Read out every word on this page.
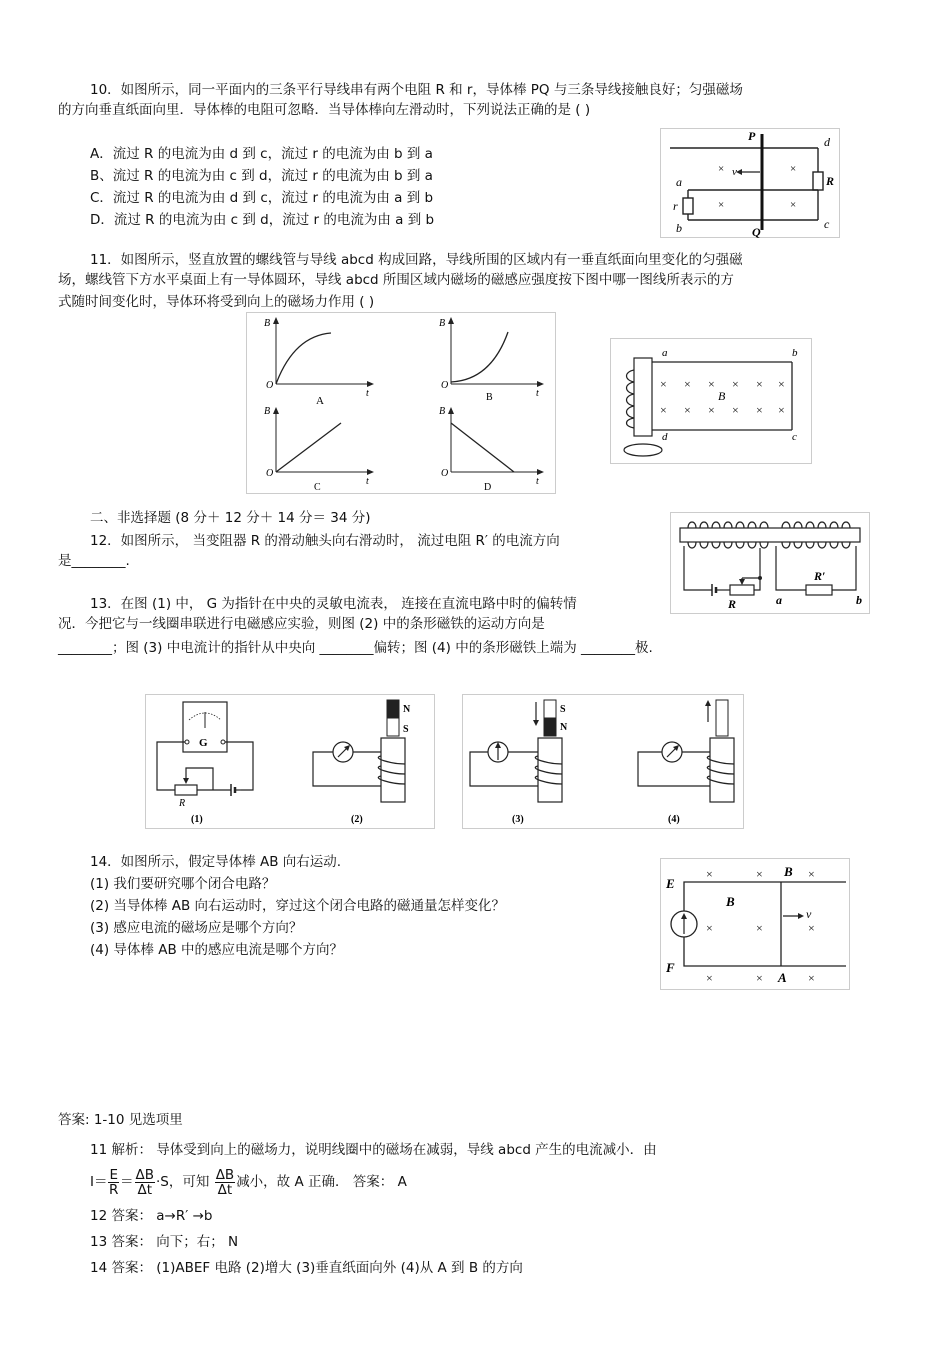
10．如图所示，同一平面内的三条平行导线串有两个电阻 R 和 r，导体棒 PQ 与三条导线接触良好；匀强磁场
的方向垂直纸面向里．导体棒的电阻可忽略．当导体棒向左滑动时，下列说法正确的是 ( )
A．流过 R 的电流为由 d 到 c，流过 r 的电流为由 b 到 a
B、流过 R 的电流为由 c 到 d，流过 r 的电流为由 b 到 a
C．流过 R 的电流为由 d 到 c，流过 r 的电流为由 a 到 b
D．流过 R 的电流为由 c 到 d，流过 r 的电流为由 a 到 b
v
×	×
×	×
P
Q
d
c
R
a
b
r
11．如图所示，竖直放置的螺线管与导线 abcd 构成回路，导线所围的区域内有一垂直纸面向里变化的匀强磁
场，螺线管下方水平桌面上有一导体圆环，导线 abcd 所围区域内磁场的磁感应强度按下图中哪一图线所表示的方
式随时间变化时，导体环将受到向上的磁场力作用 ( )
B
O
t
A
B
O
t
B
B
O
t
C
B
O
t
D
a	b
d	c
B
× × × × × ×
× × × × × ×
二、非选择题 (8 分＋ 12 分＋ 14 分＝ 34 分)
12．如图所示， 当变阻器 R 的滑动触头向右滑动时， 流过电阻 R′ 的电流方向
是________.
R
R′
a	b
13．在图 (1) 中， G 为指针在中央的灵敏电流表， 连接在直流电路中时的偏转情
况．今把它与一线圈串联进行电磁感应实验，则图 (2) 中的条形磁铁的运动方向是
________；图 (3) 中电流计的指针从中央向 ________偏转；图 (4) 中的条形磁铁上端为 ________极.
G
R
(1)
N
S
(2)
S
N
(3)	(4)
14．如图所示，假定导体棒 AB 向右运动.
(1) 我们要研究哪个闭合电路？
(2) 当导体棒 AB 向右运动时，穿过这个闭合电路的磁通量怎样变化？
(3) 感应电流的磁场应是哪个方向？
(4) 导体棒 AB 中的感应电流是哪个方向？
v
E
F
B
A
B
×	×	×
×	×	×
×	×	×
答案: 1-10 见选项里
11 解析： 导体受到向上的磁场力，说明线圈中的磁场在减弱，导线 abcd 产生的电流减小．由
$I= \frac{E}{R} = \frac{\Delta B}{\Delta t} \cdot S$，可知 $\frac{\Delta B}{\Delta t}$ 减小，故 A 正确． 答案： A
12 答案： a→R′ →b
13 答案： 向下；右； N
14 答案： (1)ABEF 电路 (2)增大 (3)垂直纸面向外 (4)从 A 到 B 的方向
